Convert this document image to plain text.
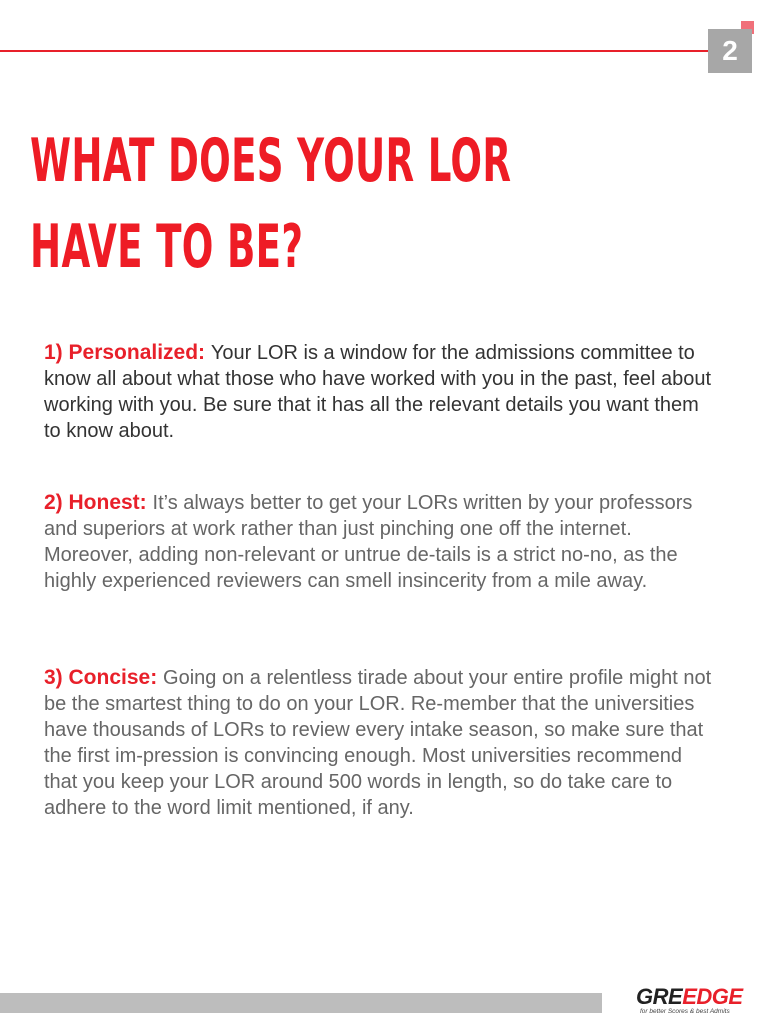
2
WHAT DOES YOUR LOR
HAVE TO BE?

1) Personalized: Your LOR is a window for the admissions committee to know all about what those who have worked with you in the past, feel about working with you. Be sure that it has all the relevant details you want them to know about.

2) Honest: It’s always better to get your LORs written by your professors and superiors at work rather than just pinching one off the internet. Moreover, adding non-relevant or untrue de-tails is a strict no-no, as the highly experienced reviewers can smell insincerity from a mile away.

3) Concise: Going on a relentless tirade about your entire profile might not be the smartest thing to do on your LOR. Re-member that the universities have thousands of LORs to review every intake season, so make sure that the first im-pression is convincing enough. Most universities recommend that you keep your LOR around 500 words in length, so do take care to adhere to the word limit mentioned, if any.

GREEDGE
for better Scores & best Admits
